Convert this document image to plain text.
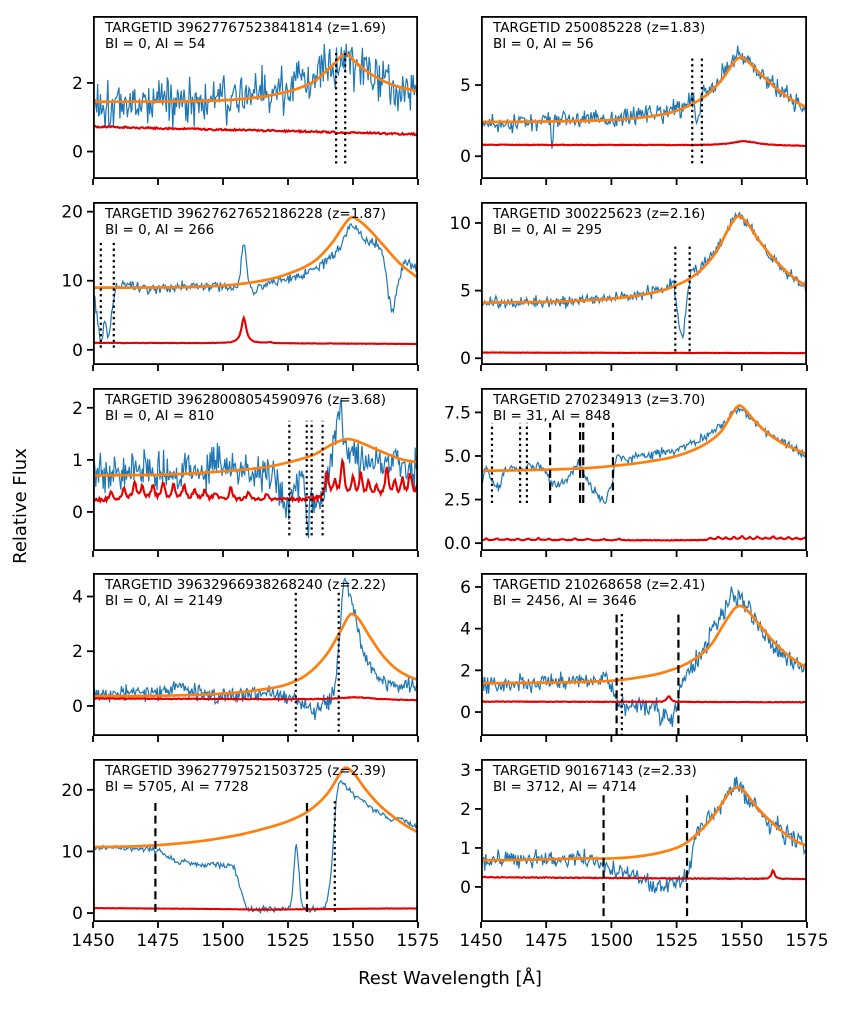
Relative Flux
Rest Wavelength [Å]
0
2
TARGETID 39627767523841814 (z=1.69)
BI = 0, AI = 54
0
5
TARGETID 250085228 (z=1.83)
BI = 0, AI = 56
0
10
20 TARGETID 39627627652186228 (z=1.87)
BI = 0, AI = 266
0
5
10 TARGETID 300225623 (z=2.16)
BI = 0, AI = 295
0
1
2 TARGETID 39628008054590976 (z=3.68)
BI = 0, AI = 810
0.0
2.5
5.0
7.5
TARGETID 270234913 (z=3.70)
BI = 31, AI = 848
0
2
4
TARGETID 39632966938268240 (z=2.22)
BI = 0, AI = 2149
0
2
4
6 TARGETID 210268658 (z=2.41)
BI = 2456, AI = 3646
1450 1475 1500 1525 1550 1575
0
10
20
TARGETID 39627797521503725 (z=2.39)
BI = 5705, AI = 7728
1450 1475 1500 1525 1550 1575
0
1
2
3 TARGETID 90167143 (z=2.33)
BI = 3712, AI = 4714
